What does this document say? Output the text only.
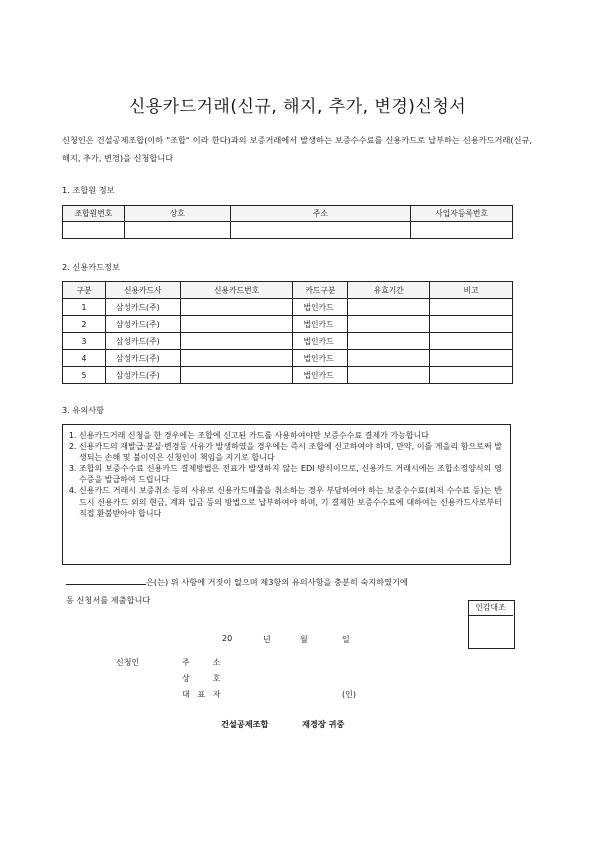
신용카드거래(신규, 해지, 추가, 변경)신청서
신청인은 건설공제조합(이하 "조합" 이라 한다)과의 보증거래에서 발생하는 보증수수료를 신용카드로 납부하는 신용카드거래(신규, 해지, 추가, 변경)을 신청합니다
1. 조합원 정보
조합원번호	상호	주소	사업자등록번호

2. 신용카드정보
구분	신용카드사	신용카드번호	카드구분	유효기간	비고
1	삼성카드(주)		법인카드		
2	삼성카드(주)		법인카드		
3	삼성카드(주)		법인카드		
4	삼성카드(주)		법인카드		
5	삼성카드(주)		법인카드		
3. 유의사항
1. 신용카드거래 신청을 한 경우에는 조합에 신고된 카드를 사용하여야만 보증수수료 결제가 가능합니다
2. 신용카드의 재발급·분실·변경등 사유가 발생하였을 경우에는 즉시 조합에 신고하여야 하며, 만약, 이를 게을리 함으로써 발생되는 손해 및 불이익은 신청인이 책임을 지기로 합니다
3. 조합의 보증수수료 신용카드 결제방법은 전표가 발생하지 않는 EDI 방식이므로, 신용카드 거래시에는 조합소정양식의 영수증을 발급하여 드립니다
4. 신용카드 거래시 보증취소 등의 사유로 신용카드매출을 취소하는 경우 부담하여야 하는 보증수수료(최저 수수료 등)는 반드시 신용카드 외의 현금, 계좌 입금 등의 방법으로 납부하여야 하며, 기 결제한 보증수수료에 대하여는 신용카드사로부터 직접 환불받아야 합니다
은(는) 위 사항에 거짓이 없으며 제3항의 유의사항을 충분히 숙지하였기에
동 신청서를 제출합니다
인감대조
20	년	월	일
신청인	주         소
상         호
대   표   자	(인)
건설공제조합	재경장 귀중
